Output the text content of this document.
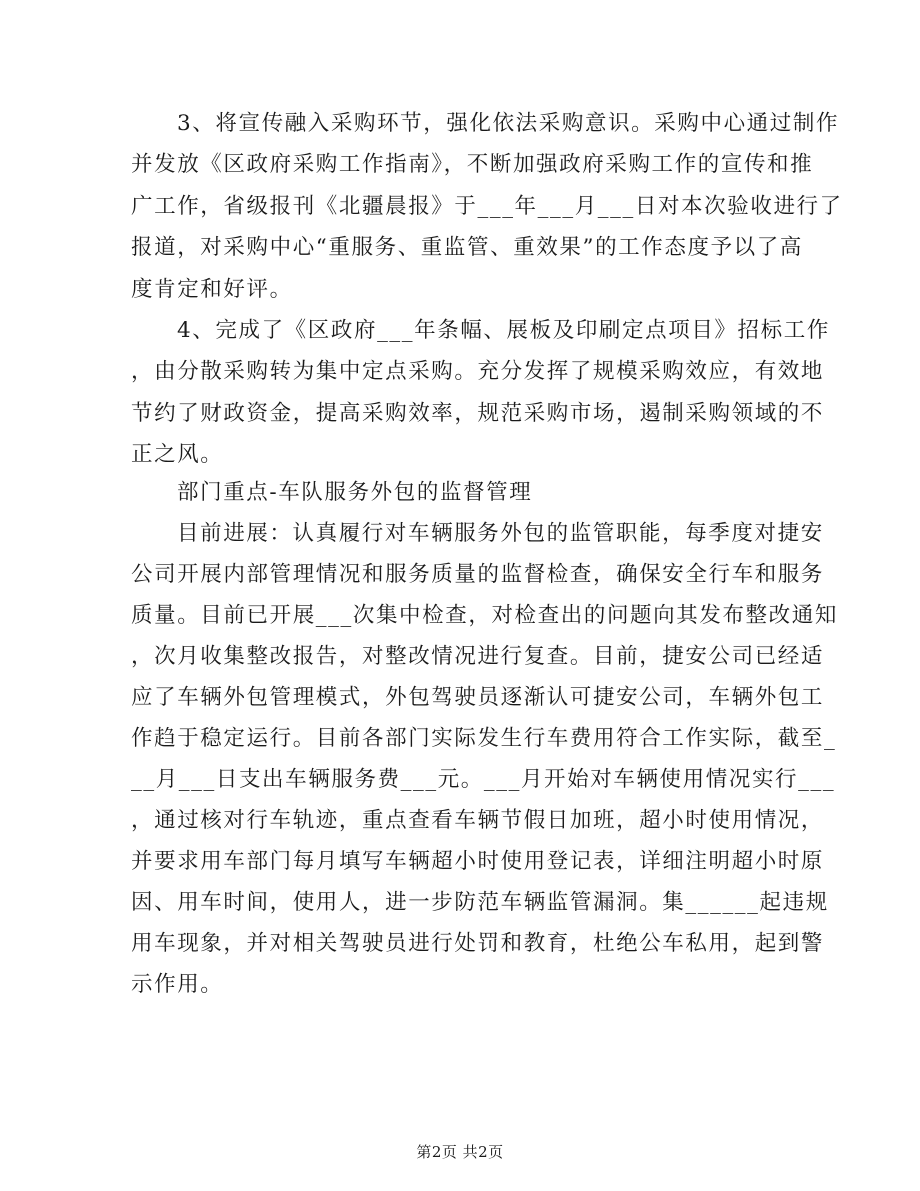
3、将宣传融入采购环节，强化依法采购意识。采购中心通过制作
并发放《区政府采购工作指南》，不断加强政府采购工作的宣传和推
广工作，省级报刊《北疆晨报》于___年___月___日对本次验收进行了
报道，对采购中心“重服务、重监管、重效果”的工作态度予以了高
度肯定和好评。
4、完成了《区政府___年条幅、展板及印刷定点项目》招标工作
，由分散采购转为集中定点采购。充分发挥了规模采购效应，有效地
节约了财政资金，提高采购效率，规范采购市场，遏制采购领域的不
正之风。
部门重点-车队服务外包的监督管理
目前进展：认真履行对车辆服务外包的监管职能，每季度对捷安
公司开展内部管理情况和服务质量的监督检查，确保安全行车和服务
质量。目前已开展___次集中检查，对检查出的问题向其发布整改通知
，次月收集整改报告，对整改情况进行复查。目前，捷安公司已经适
应了车辆外包管理模式，外包驾驶员逐渐认可捷安公司，车辆外包工
作趋于稳定运行。目前各部门实际发生行车费用符合工作实际，截至_
__月___日支出车辆服务费___元。___月开始对车辆使用情况实行___
，通过核对行车轨迹，重点查看车辆节假日加班，超小时使用情况，
并要求用车部门每月填写车辆超小时使用登记表，详细注明超小时原
因、用车时间，使用人，进一步防范车辆监管漏洞。集______起违规
用车现象，并对相关驾驶员进行处罚和教育，杜绝公车私用，起到警
示作用。
第2页 共2页
